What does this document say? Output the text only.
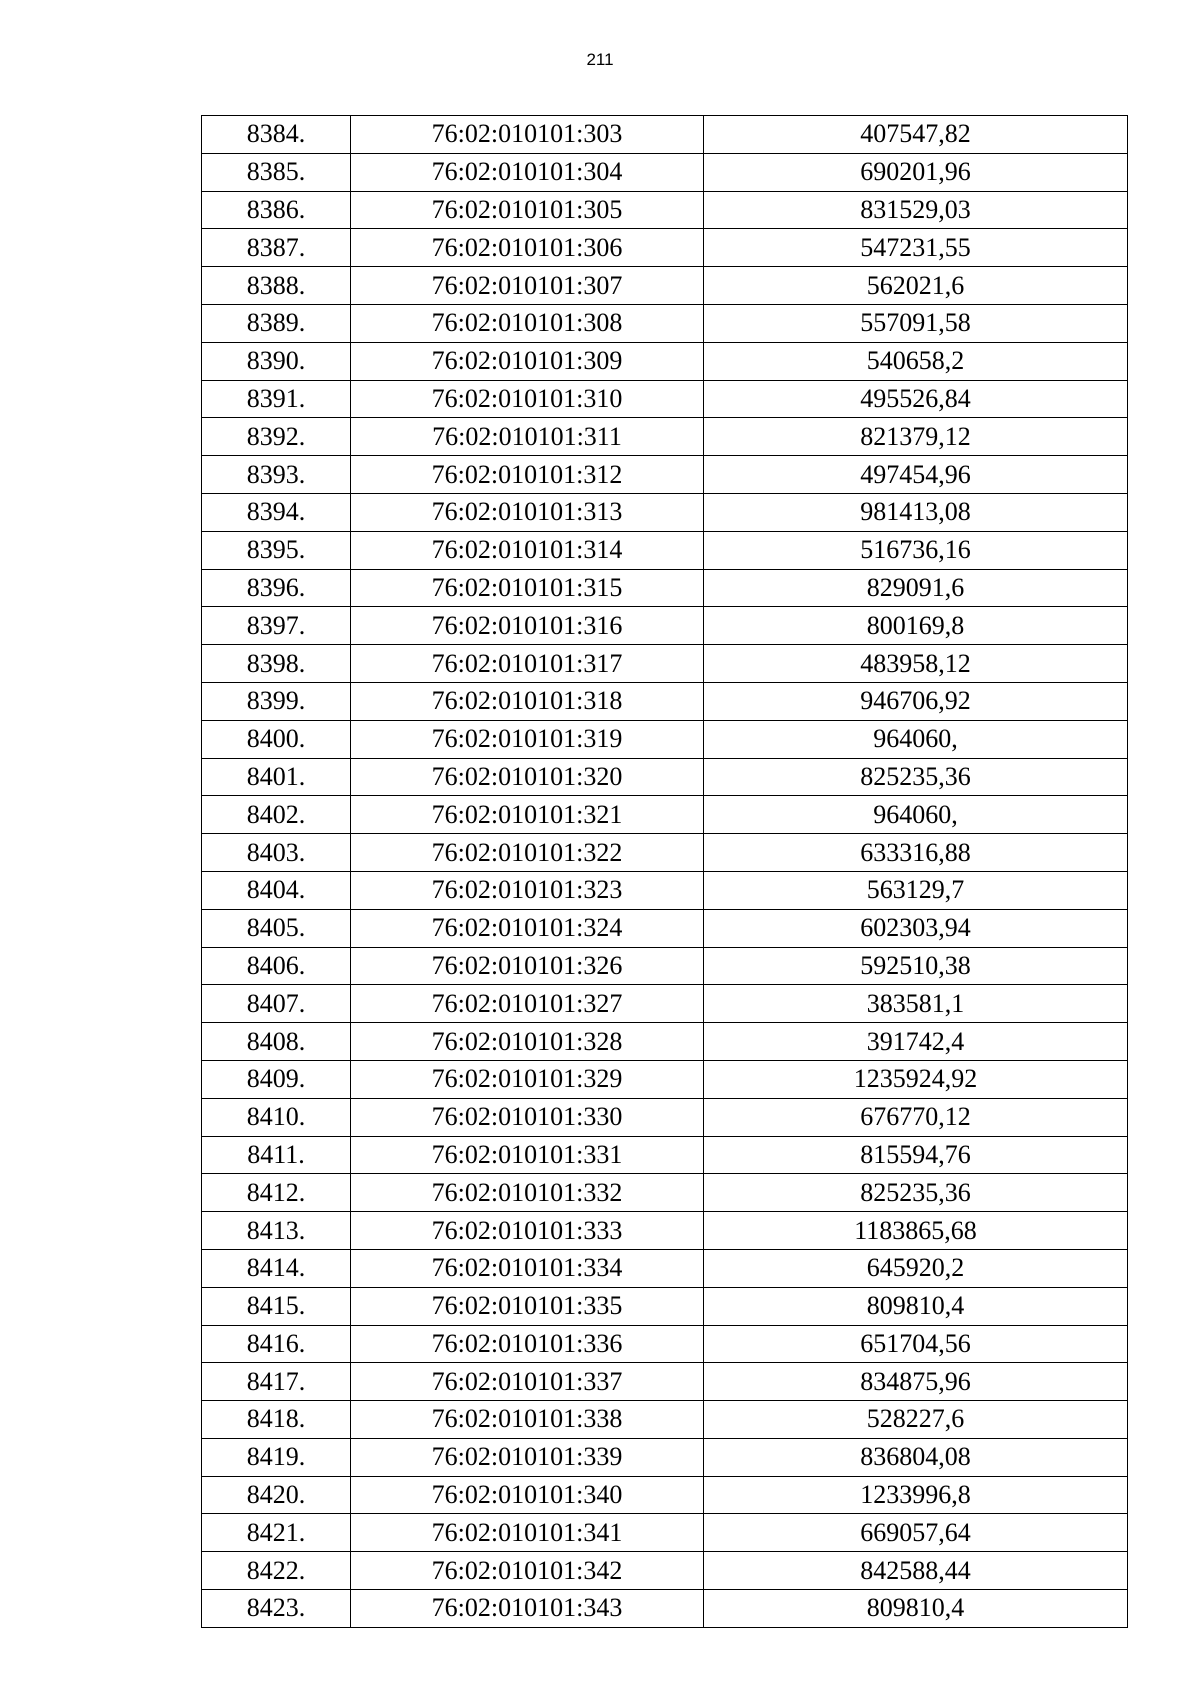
211
8384.	76:02:010101:303	407547,82
8385.	76:02:010101:304	690201,96
8386.	76:02:010101:305	831529,03
8387.	76:02:010101:306	547231,55
8388.	76:02:010101:307	562021,6
8389.	76:02:010101:308	557091,58
8390.	76:02:010101:309	540658,2
8391.	76:02:010101:310	495526,84
8392.	76:02:010101:311	821379,12
8393.	76:02:010101:312	497454,96
8394.	76:02:010101:313	981413,08
8395.	76:02:010101:314	516736,16
8396.	76:02:010101:315	829091,6
8397.	76:02:010101:316	800169,8
8398.	76:02:010101:317	483958,12
8399.	76:02:010101:318	946706,92
8400.	76:02:010101:319	964060,
8401.	76:02:010101:320	825235,36
8402.	76:02:010101:321	964060,
8403.	76:02:010101:322	633316,88
8404.	76:02:010101:323	563129,7
8405.	76:02:010101:324	602303,94
8406.	76:02:010101:326	592510,38
8407.	76:02:010101:327	383581,1
8408.	76:02:010101:328	391742,4
8409.	76:02:010101:329	1235924,92
8410.	76:02:010101:330	676770,12
8411.	76:02:010101:331	815594,76
8412.	76:02:010101:332	825235,36
8413.	76:02:010101:333	1183865,68
8414.	76:02:010101:334	645920,2
8415.	76:02:010101:335	809810,4
8416.	76:02:010101:336	651704,56
8417.	76:02:010101:337	834875,96
8418.	76:02:010101:338	528227,6
8419.	76:02:010101:339	836804,08
8420.	76:02:010101:340	1233996,8
8421.	76:02:010101:341	669057,64
8422.	76:02:010101:342	842588,44
8423.	76:02:010101:343	809810,4
